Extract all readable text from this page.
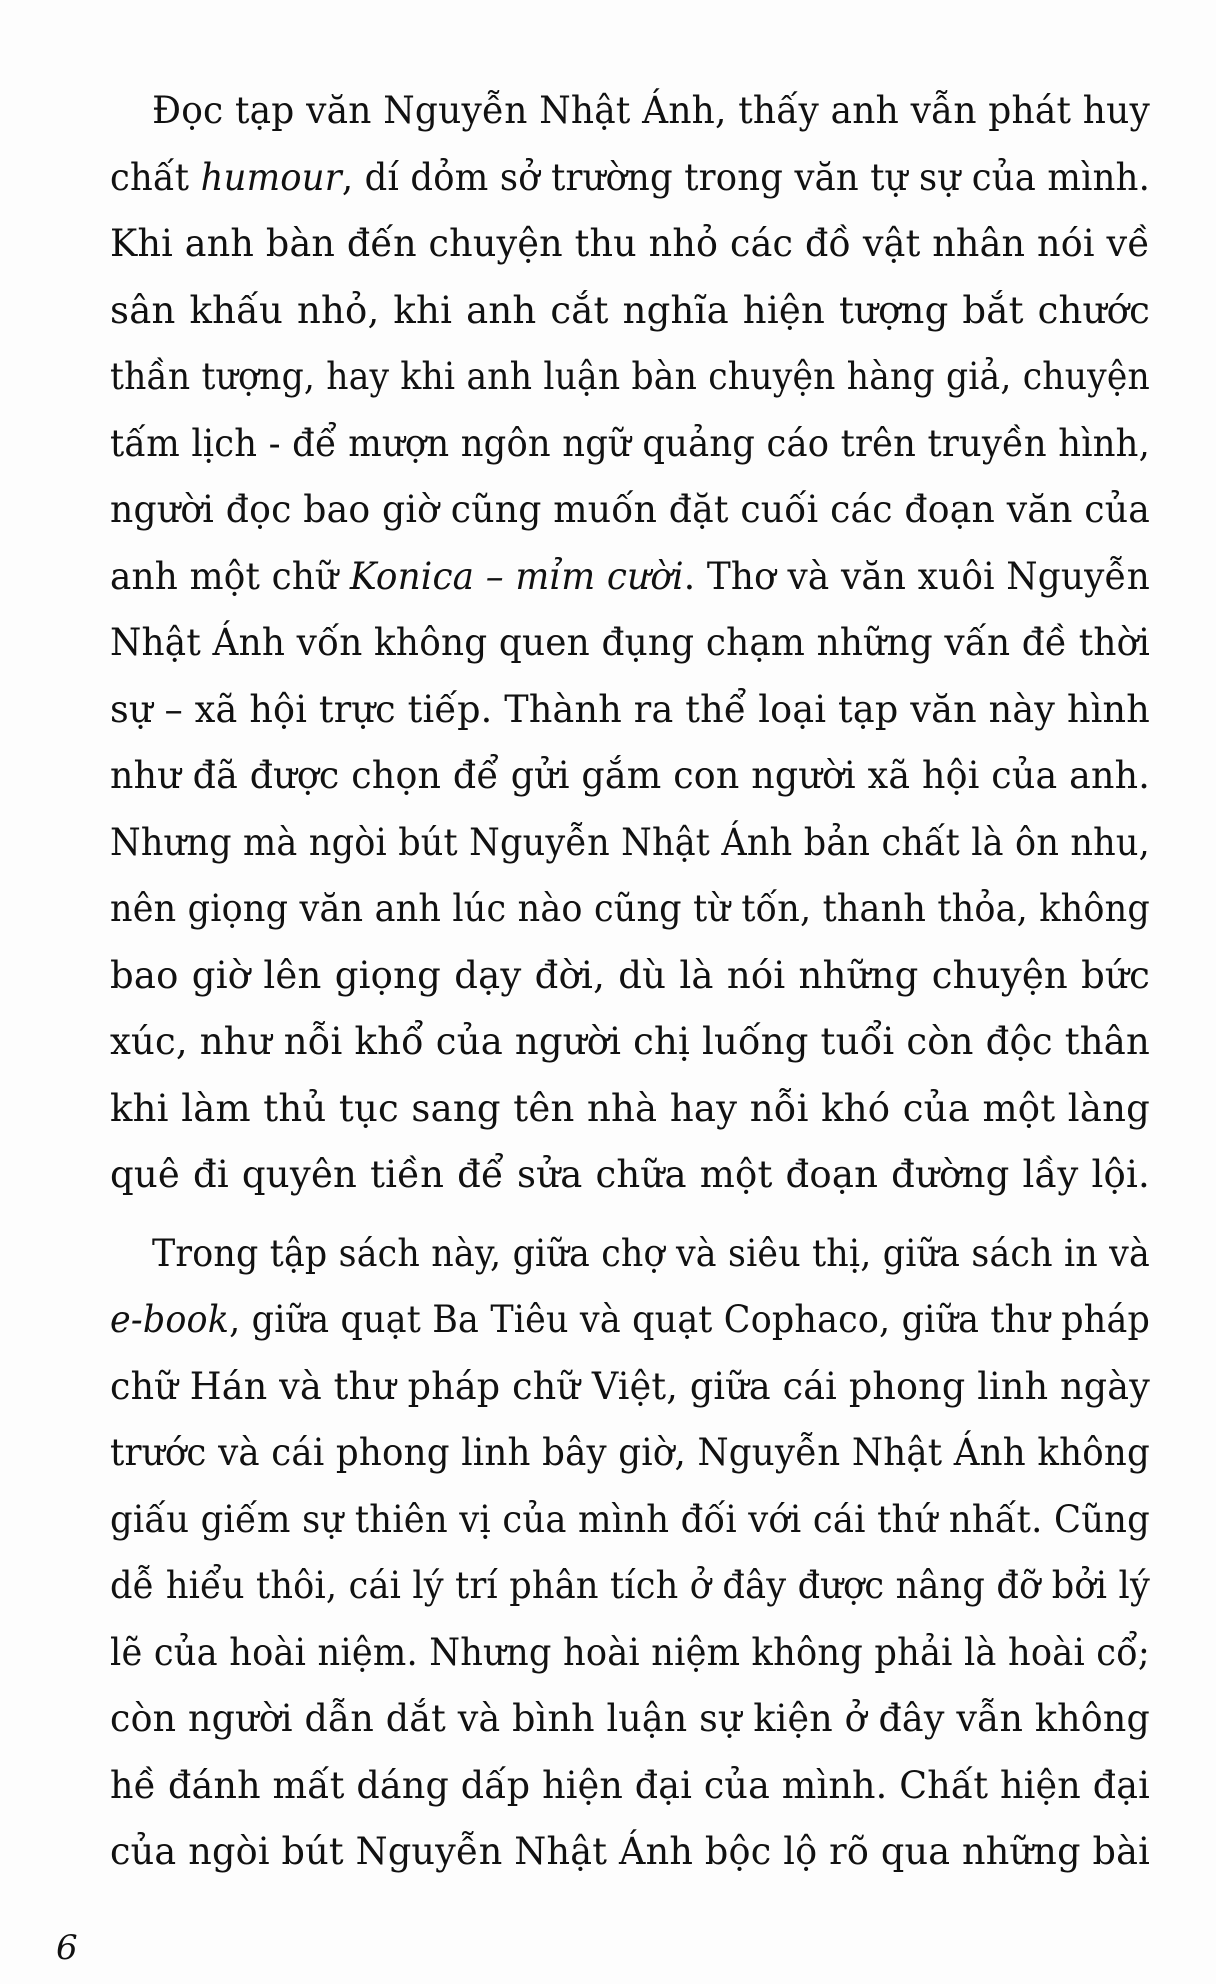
Đọc tạp văn Nguyễn Nhật Ánh, thấy anh vẫn phát huy
chất humour, dí dỏm sở trường trong văn tự sự của mình.
Khi anh bàn đến chuyện thu nhỏ các đồ vật nhân nói về
sân khấu nhỏ, khi anh cắt nghĩa hiện tượng bắt chước
thần tượng, hay khi anh luận bàn chuyện hàng giả, chuyện
tấm lịch - để mượn ngôn ngữ quảng cáo trên truyền hình,
người đọc bao giờ cũng muốn đặt cuối các đoạn văn của
anh một chữ Konica – mỉm cười. Thơ và văn xuôi Nguyễn
Nhật Ánh vốn không quen đụng chạm những vấn đề thời
sự – xã hội trực tiếp. Thành ra thể loại tạp văn này hình
như đã được chọn để gửi gắm con người xã hội của anh.
Nhưng mà ngòi bút Nguyễn Nhật Ánh bản chất là ôn nhu,
nên giọng văn anh lúc nào cũng từ tốn, thanh thỏa, không
bao giờ lên giọng dạy đời, dù là nói những chuyện bức
xúc, như nỗi khổ của người chị luống tuổi còn độc thân
khi làm thủ tục sang tên nhà hay nỗi khó của một làng
quê đi quyên tiền để sửa chữa một đoạn đường lầy lội.
Trong tập sách này, giữa chợ và siêu thị, giữa sách in và
e-book, giữa quạt Ba Tiêu và quạt Cophaco, giữa thư pháp
chữ Hán và thư pháp chữ Việt, giữa cái phong linh ngày
trước và cái phong linh bây giờ, Nguyễn Nhật Ánh không
giấu giếm sự thiên vị của mình đối với cái thứ nhất. Cũng
dễ hiểu thôi, cái lý trí phân tích ở đây được nâng đỡ bởi lý
lẽ của hoài niệm. Nhưng hoài niệm không phải là hoài cổ;
còn người dẫn dắt và bình luận sự kiện ở đây vẫn không
hề đánh mất dáng dấp hiện đại của mình. Chất hiện đại
của ngòi bút Nguyễn Nhật Ánh bộc lộ rõ qua những bài
6
